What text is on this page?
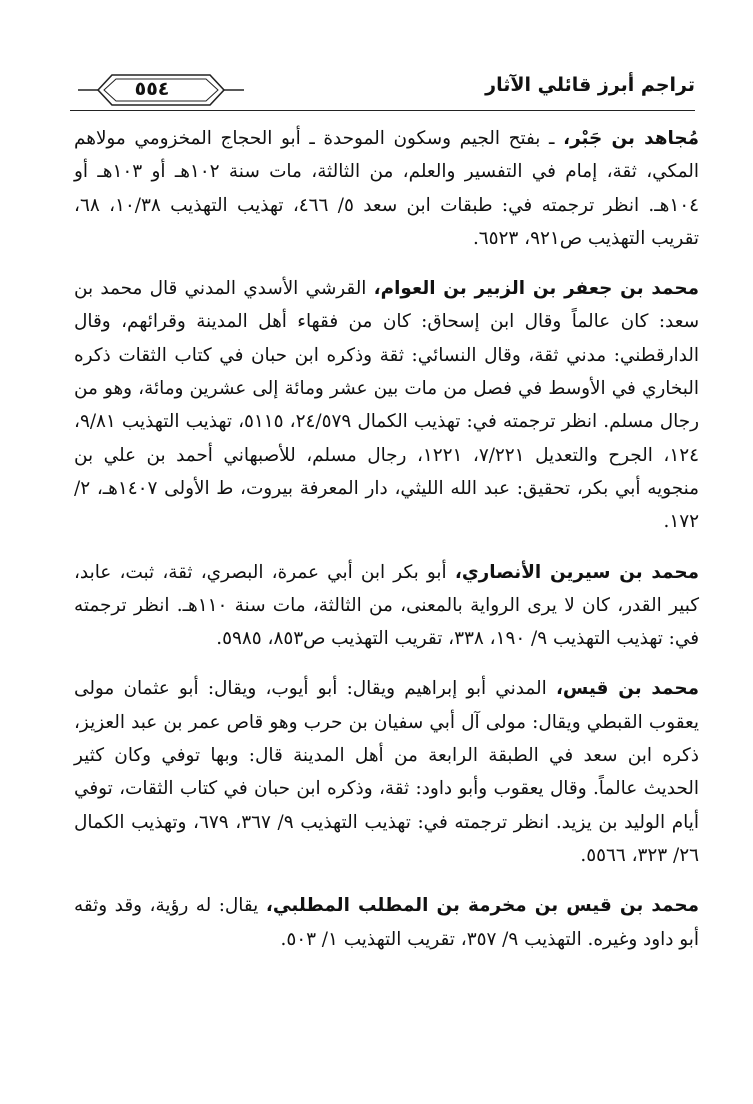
تراجم أبرز قائلي الآثار
٥٥٤

مُجاهد بن جَبْر، ـ بفتح الجيم وسكون الموحدة ـ أبو الحجاج المخزومي مولاهم المكي، ثقة، إمام في التفسير والعلم، من الثالثة، مات سنة ١٠٢هـ أو ١٠٣هـ أو ١٠٤هـ. انظر ترجمته في: طبقات ابن سعد ٥/ ٤٦٦، تهذيب التهذيب ١٠/٣٨، ٦٨، تقريب التهذيب ص٩٢١، ٦٥٢٣.

محمد بن جعفر بن الزبير بن العوام، القرشي الأسدي المدني قال محمد بن سعد: كان عالماً وقال ابن إسحاق: كان من فقهاء أهل المدينة وقرائهم، وقال الدارقطني: مدني ثقة، وقال النسائي: ثقة وذكره ابن حبان في كتاب الثقات ذكره البخاري في الأوسط في فصل من مات بين عشر ومائة إلى عشرين ومائة، وهو من رجال مسلم. انظر ترجمته في: تهذيب الكمال ٢٤/٥٧٩، ٥١١٥، تهذيب التهذيب ٩/٨١، ١٢٤، الجرح والتعديل ٧/٢٢١، ١٢٢١، رجال مسلم، للأصبهاني أحمد بن علي بن منجويه أبي بكر، تحقيق: عبد الله الليثي، دار المعرفة بيروت، ط الأولى ١٤٠٧هـ، ٢/ ١٧٢.

محمد بن سيرين الأنصاري، أبو بكر ابن أبي عمرة، البصري، ثقة، ثبت، عابد، كبير القدر، كان لا يرى الرواية بالمعنى، من الثالثة، مات سنة ١١٠هـ. انظر ترجمته في: تهذيب التهذيب ٩/ ١٩٠، ٣٣٨، تقريب التهذيب ص٨٥٣، ٥٩٨٥.

محمد بن قيس، المدني أبو إبراهيم ويقال: أبو أيوب، ويقال: أبو عثمان مولى يعقوب القبطي ويقال: مولى آل أبي سفيان بن حرب وهو قاص عمر بن عبد العزيز، ذكره ابن سعد في الطبقة الرابعة من أهل المدينة قال: وبها توفي وكان كثير الحديث عالماً. وقال يعقوب وأبو داود: ثقة، وذكره ابن حبان في كتاب الثقات، توفي أيام الوليد بن يزيد. انظر ترجمته في: تهذيب التهذيب ٩/ ٣٦٧، ٦٧٩، وتهذيب الكمال ٢٦/ ٣٢٣، ٥٥٦٦.

محمد بن قيس بن مخرمة بن المطلب المطلبي، يقال: له رؤية، وقد وثقه أبو داود وغيره. التهذيب ٩/ ٣٥٧، تقريب التهذيب ١/ ٥٠٣.
